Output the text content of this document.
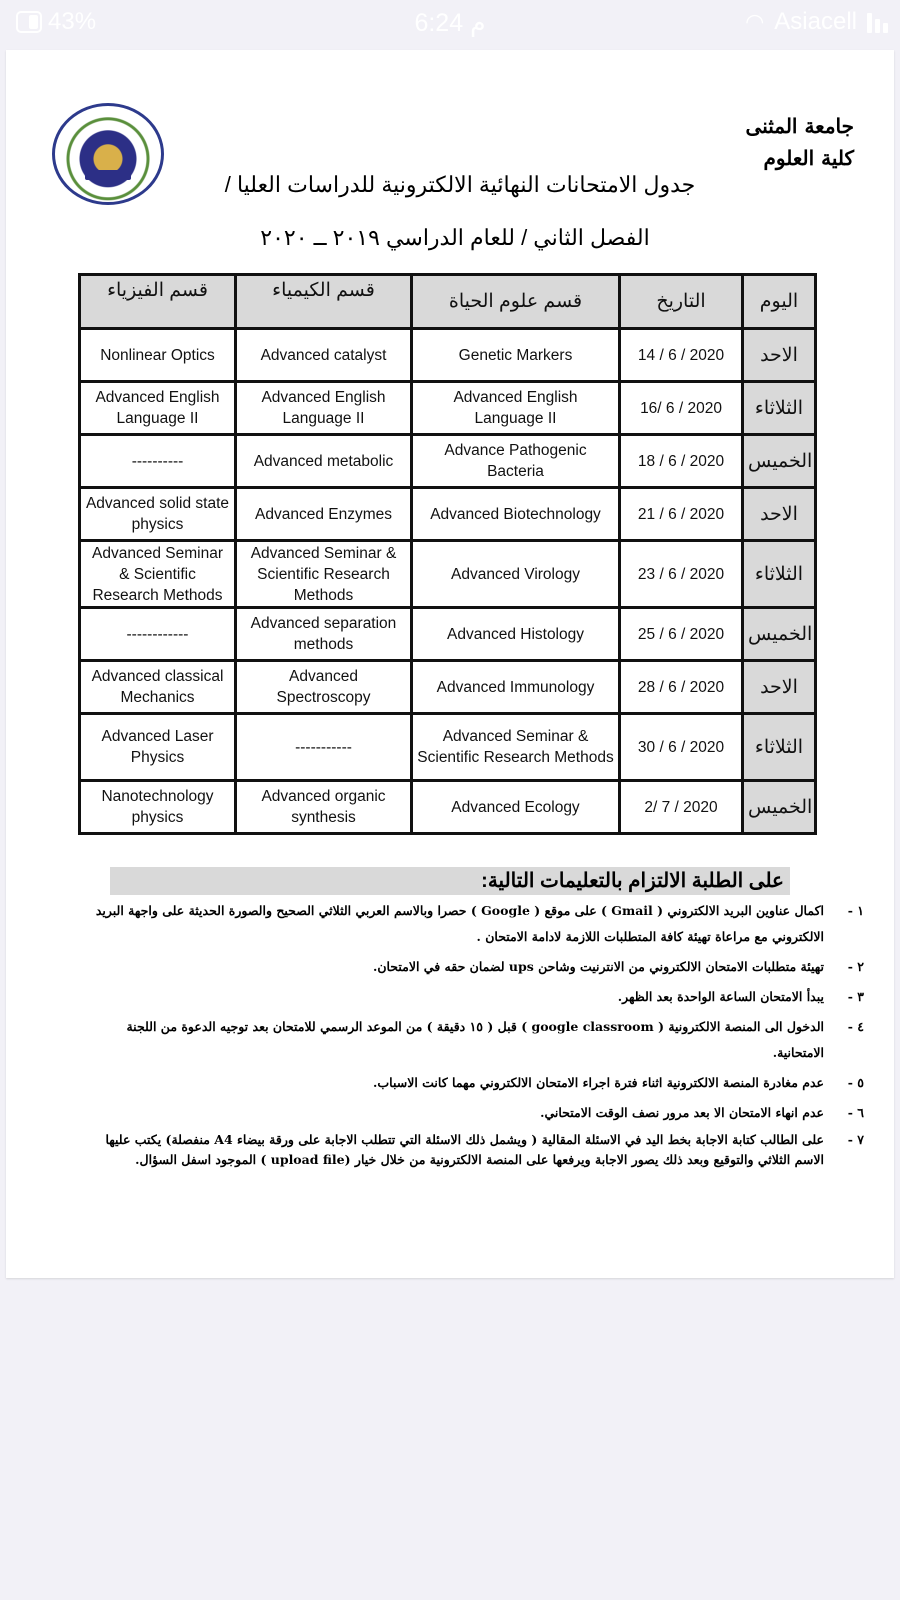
43%	6:24 م	◠ Asiacell
جامعة المثنى
كلية العلوم
جدول الامتحانات النهائية الالكترونية للدراسات العليا /
الفصل الثاني / للعام الدراسي ٢٠١٩ ــ ٢٠٢٠
قسم الفيزياء	قسم الكيمياء	قسم علوم الحياة	التاريخ	اليوم
Nonlinear Optics	Advanced catalyst	Genetic Markers	14 / 6 / 2020	الاحد
Advanced English Language II	Advanced English Language II	Advanced English Language II	16/ 6 / 2020	الثلاثاء
----------	Advanced metabolic	Advance Pathogenic Bacteria	18 / 6 / 2020	الخميس
Advanced solid state physics	Advanced Enzymes	Advanced Biotechnology	21 / 6 / 2020	الاحد
Advanced Seminar & Scientific Research Methods	Advanced Seminar & Scientific Research Methods	Advanced Virology	23 / 6 / 2020	الثلاثاء
------------	Advanced separation methods	Advanced Histology	25 / 6 / 2020	الخميس
Advanced classical Mechanics	Advanced Spectroscopy	Advanced Immunology	28 / 6 / 2020	الاحد
Advanced Laser Physics	-----------	Advanced Seminar & Scientific Research Methods	30 / 6 / 2020	الثلاثاء
Nanotechnology physics	Advanced organic synthesis	Advanced Ecology	2/ 7 / 2020	الخميس
على الطلبة الالتزام بالتعليمات التالية:
١ -
اكمال عناوين البريد الالكتروني ( Gmail ) على موقع ( Google ) حصرا وبالاسم العربي الثلاثي الصحيح والصورة الحديثة على واجهة البريد الالكتروني مع مراعاة تهيئة كافة المتطلبات اللازمة لادامة الامتحان .
٢ -
تهيئة متطلبات الامتحان الالكتروني من الانترنيت وشاحن ups لضمان حقه في الامتحان.
٣ -
يبدأ الامتحان الساعة الواحدة بعد الظهر.
٤ -
الدخول الى المنصة الالكترونية ( google classroom ) قبل ( ١٥ دقيقة ) من الموعد الرسمي للامتحان بعد توجيه الدعوة من اللجنة الامتحانية.
٥ -
عدم مغادرة المنصة الالكترونية اثناء فترة اجراء الامتحان الالكتروني مهما كانت الاسباب.
٦ -
عدم انهاء الامتحان الا بعد مرور نصف الوقت الامتحاني.
٧ -
على الطالب كتابة الاجابة بخط اليد في الاسئلة المقالية ( ويشمل ذلك الاسئلة التي تتطلب الاجابة على ورقة بيضاء A4 منفصلة) يكتب عليها الاسم الثلاثي والتوقيع وبعد ذلك يصور الاجابة ويرفعها على المنصة الالكترونية من خلال خيار (upload file ) الموجود اسفل السؤال.
